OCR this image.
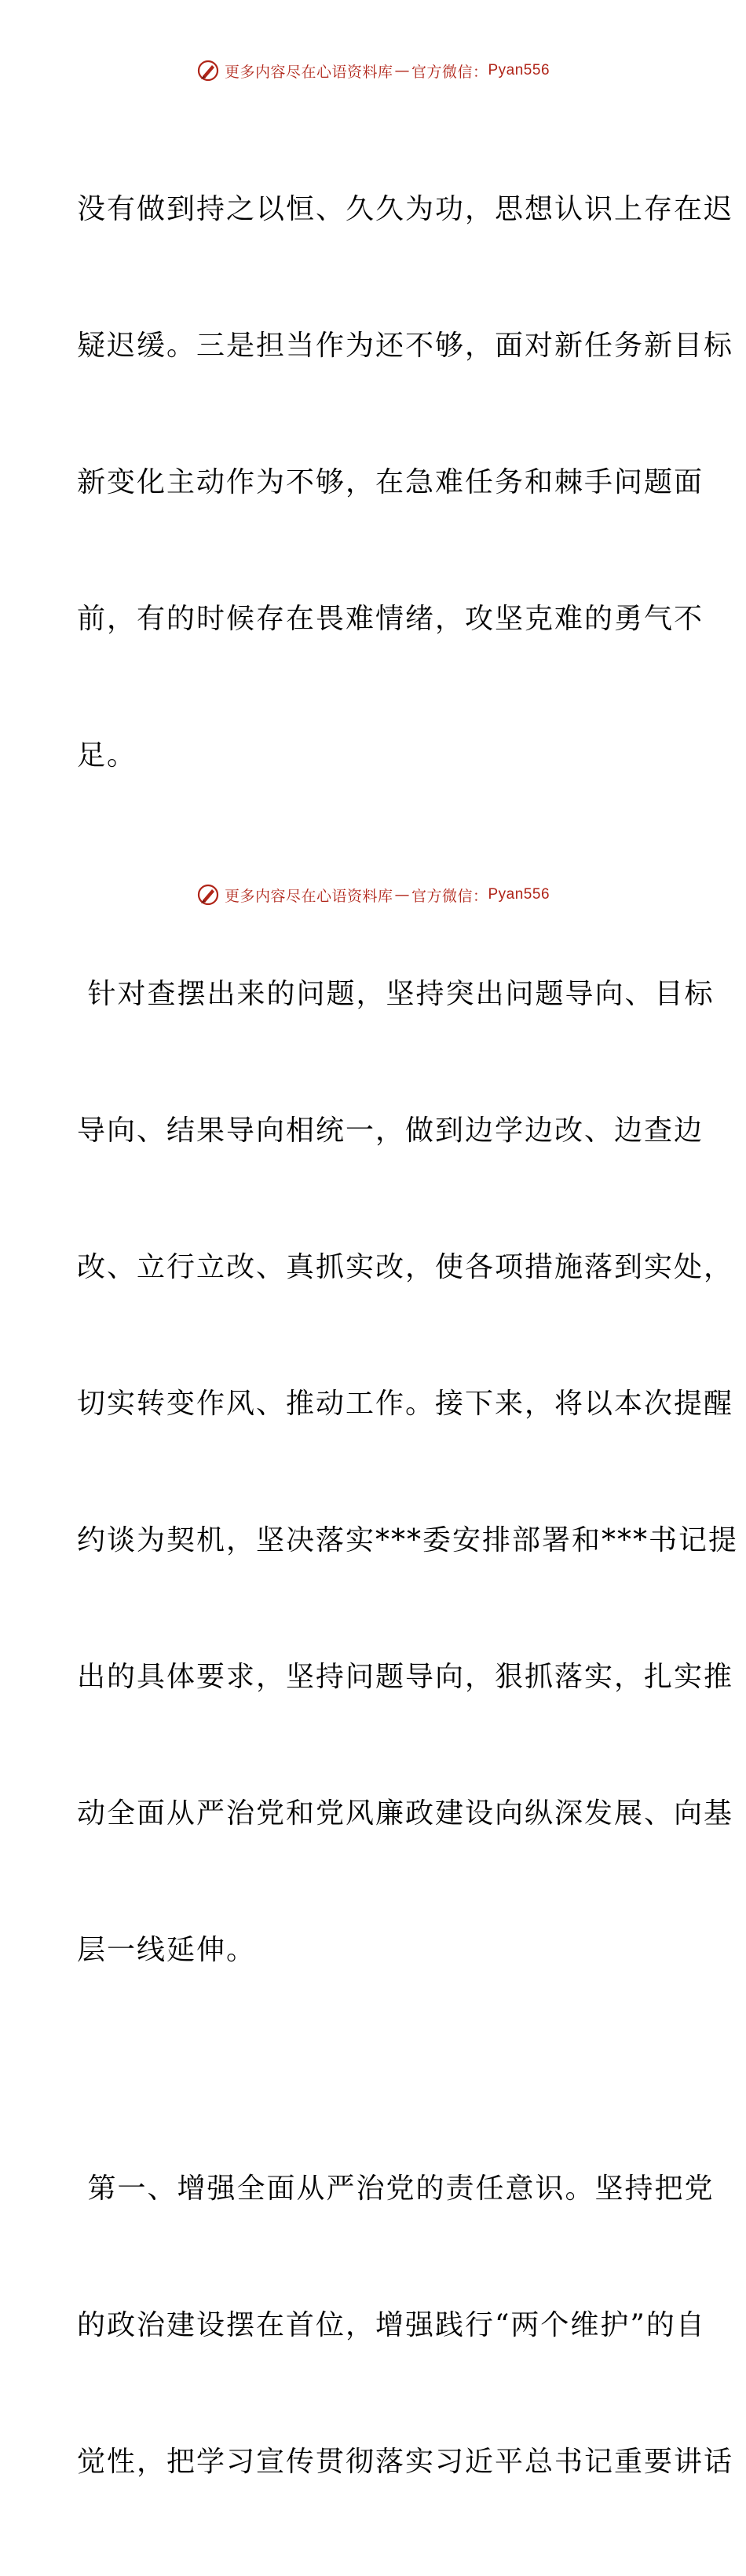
更多内容尽在心语资料库 — 官方微信： Pyan556

没有做到持之以恒、久久为功，思想认识上存在迟

疑迟缓。三是担当作为还不够，面对新任务新目标

新变化主动作为不够，在急难任务和棘手问题面

前，有的时候存在畏难情绪，攻坚克难的勇气不

足。

针对查摆出来的问题，坚持突出问题导向、目标

导向、结果导向相统一，做到边学边改、边查边

改、立行立改、真抓实改，使各项措施落到实处，

切实转变作风、推动工作。接下来，将以本次提醒

约谈为契机，坚决落实***委安排部署和***书记提

出的具体要求，坚持问题导向，狠抓落实，扎实推

动全面从严治党和党风廉政建设向纵深发展、向基

层一线延伸。

第一、增强全面从严治党的责任意识。坚持把党

的政治建设摆在首位，增强践行“两个维护”的自

觉性，把学习宣传贯彻落实习近平总书记重要讲话

更多内容尽在心语资料库 — 官方微信： Pyan556
